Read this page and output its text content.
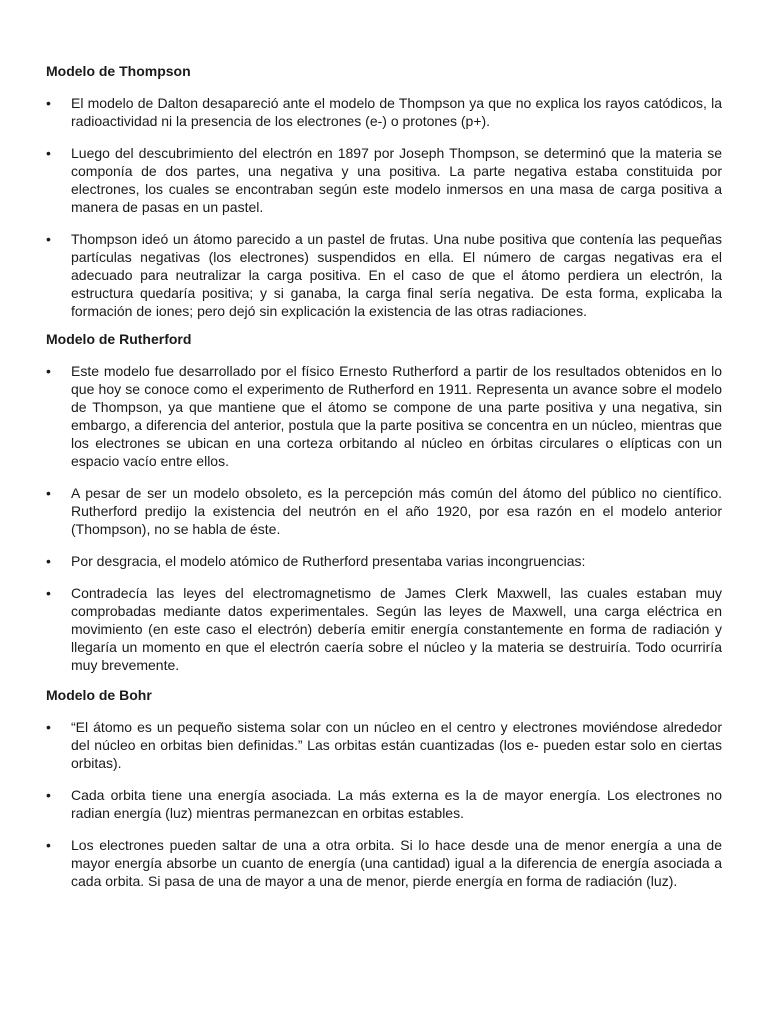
Modelo de Thompson
• El modelo de Dalton desapareció ante el modelo de Thompson ya que no explica los rayos catódicos, la radioactividad ni la presencia de los electrones (e-) o protones (p+).
• Luego del descubrimiento del electrón en 1897 por Joseph Thompson, se determinó que la materia se componía de dos partes, una negativa y una positiva. La parte negativa estaba constituida por electrones, los cuales se encontraban según este modelo inmersos en una masa de carga positiva a manera de pasas en un pastel.
• Thompson ideó un átomo parecido a un pastel de frutas. Una nube positiva que contenía las pequeñas partículas negativas (los electrones) suspendidos en ella. El número de cargas negativas era el adecuado para neutralizar la carga positiva. En el caso de que el átomo perdiera un electrón, la estructura quedaría positiva; y si ganaba, la carga final sería negativa. De esta forma, explicaba la formación de iones; pero dejó sin explicación la existencia de las otras radiaciones.
Modelo de Rutherford
• Este modelo fue desarrollado por el físico Ernesto Rutherford a partir de los resultados obtenidos en lo que hoy se conoce como el experimento de Rutherford en 1911. Representa un avance sobre el modelo de Thompson, ya que mantiene que el átomo se compone de una parte positiva y una negativa, sin embargo, a diferencia del anterior, postula que la parte positiva se concentra en un núcleo, mientras que los electrones se ubican en una corteza orbitando al núcleo en órbitas circulares o elípticas con un espacio vacío entre ellos.
• A pesar de ser un modelo obsoleto, es la percepción más común del átomo del público no científico. Rutherford predijo la existencia del neutrón en el año 1920, por esa razón en el modelo anterior (Thompson), no se habla de éste.
• Por desgracia, el modelo atómico de Rutherford presentaba varias incongruencias:
• Contradecía las leyes del electromagnetismo de James Clerk Maxwell, las cuales estaban muy comprobadas mediante datos experimentales. Según las leyes de Maxwell, una carga eléctrica en movimiento (en este caso el electrón) debería emitir energía constantemente en forma de radiación y llegaría un momento en que el electrón caería sobre el núcleo y la materia se destruiría. Todo ocurriría muy brevemente.
Modelo de Bohr
• “El átomo es un pequeño sistema solar con un núcleo en el centro y electrones moviéndose alrededor del núcleo en orbitas bien definidas.” Las orbitas están cuantizadas (los e- pueden estar solo en ciertas orbitas).
• Cada orbita tiene una energía asociada. La más externa es la de mayor energía. Los electrones no radian energía (luz) mientras permanezcan en orbitas estables.
• Los electrones pueden saltar de una a otra orbita. Si lo hace desde una de menor energía a una de mayor energía absorbe un cuanto de energía (una cantidad) igual a la diferencia de energía asociada a cada orbita. Si pasa de una de mayor a una de menor, pierde energía en forma de radiación (luz).
